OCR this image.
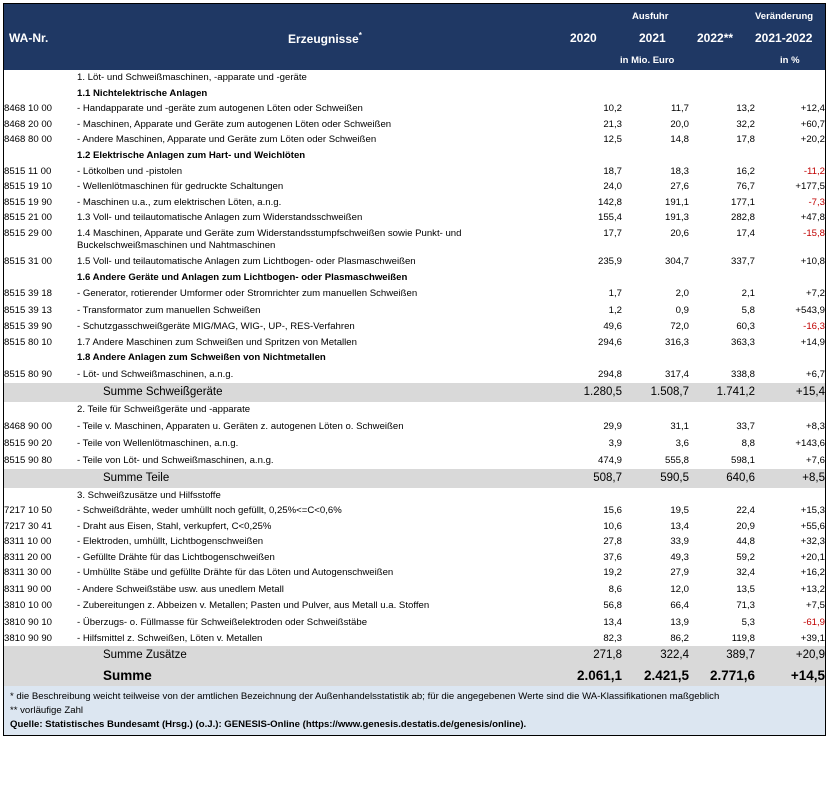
WA-Nr.	Erzeugnisse*
Ausfuhr
2020	2021	2022**
in Mio. Euro
Veränderung
2021-2022
in %
	1. Löt- und Schweißmaschinen, -apparate und -geräte				
	1.1 Nichtelektrische Anlagen				
8468 10 00	- Handapparate und -geräte zum autogenen Löten oder Schweißen	10,2	11,7	13,2	+12,4
8468 20 00	- Maschinen, Apparate und Geräte zum autogenen Löten oder Schweißen	21,3	20,0	32,2	+60,7
8468 80 00	- Andere Maschinen, Apparate und Geräte zum Löten oder Schweißen	12,5	14,8	17,8	+20,2
	1.2 Elektrische Anlagen zum Hart- und Weichlöten				
8515 11 00	- Lötkolben und -pistolen	18,7	18,3	16,2	-11,2
8515 19 10	- Wellenlötmaschinen für gedruckte Schaltungen	24,0	27,6	76,7	+177,5
8515 19 90	- Maschinen u.a., zum elektrischen Löten, a.n.g.	142,8	191,1	177,1	-7,3
8515 21 00	1.3 Voll- und teilautomatische Anlagen zum Widerstandsschweißen	155,4	191,3	282,8	+47,8
8515 29 00	1.4 Maschinen, Apparate und Geräte zum Widerstandsstumpfschweißen sowie Punkt- und Buckelschweißmaschinen und Nahtmaschinen	17,7	20,6	17,4	-15,8
8515 31 00	1.5 Voll- und teilautomatische Anlagen zum Lichtbogen- oder Plasmaschweißen	235,9	304,7	337,7	+10,8
	1.6 Andere Geräte und Anlagen zum Lichtbogen- oder Plasmaschweißen				
8515 39 18	- Generator, rotierender Umformer oder Stromrichter zum manuellen Schweißen	1,7	2,0	2,1	+7,2
8515 39 13	- Transformator zum manuellen Schweißen	1,2	0,9	5,8	+543,9
8515 39 90	- Schutzgasschweißgeräte MIG/MAG, WIG-, UP-, RES-Verfahren	49,6	72,0	60,3	-16,3
8515 80 10	1.7 Andere Maschinen zum Schweißen und Spritzen von Metallen	294,6	316,3	363,3	+14,9
	1.8 Andere Anlagen zum Schweißen von Nichtmetallen				
8515 80 90	- Löt- und Schweißmaschinen, a.n.g.	294,8	317,4	338,8	+6,7
	Summe Schweißgeräte	1.280,5	1.508,7	1.741,2	+15,4
	2. Teile für Schweißgeräte und -apparate				
8468 90 00	- Teile v. Maschinen, Apparaten u. Geräten z. autogenen Löten o. Schweißen	29,9	31,1	33,7	+8,3
8515 90 20	- Teile von Wellenlötmaschinen, a.n.g.	3,9	3,6	8,8	+143,6
8515 90 80	- Teile von Löt- und Schweißmaschinen, a.n.g.	474,9	555,8	598,1	+7,6
	Summe Teile	508,7	590,5	640,6	+8,5
	3. Schweißzusätze und Hilfsstoffe				
7217 10 50	- Schweißdrähte, weder umhüllt noch gefüllt, 0,25%<=C<0,6%	15,6	19,5	22,4	+15,3
7217 30 41	- Draht aus Eisen, Stahl, verkupfert, C<0,25%	10,6	13,4	20,9	+55,6
8311 10 00	- Elektroden, umhüllt, Lichtbogenschweißen	27,8	33,9	44,8	+32,3
8311 20 00	- Gefüllte Drähte für das Lichtbogenschweißen	37,6	49,3	59,2	+20,1
8311 30 00	- Umhüllte Stäbe und gefüllte Drähte für das Löten und Autogenschweißen	19,2	27,9	32,4	+16,2
8311 90 00	- Andere Schweißstäbe usw. aus unedlem Metall	8,6	12,0	13,5	+13,2
3810 10 00	- Zubereitungen z. Abbeizen v. Metallen; Pasten und Pulver, aus Metall u.a. Stoffen	56,8	66,4	71,3	+7,5
3810 90 10	- Überzugs- o. Füllmasse für Schweißelektroden oder Schweißstäbe	13,4	13,9	5,3	-61,9
3810 90 90	- Hilfsmittel z. Schweißen, Löten v. Metallen	82,3	86,2	119,8	+39,1
	Summe Zusätze	271,8	322,4	389,7	+20,9
	Summe	2.061,1	2.421,5	2.771,6	+14,5
* die Beschreibung weicht teilweise von der amtlichen Bezeichnung der Außenhandelsstatistik ab; für die angegebenen Werte sind die WA-Klassifikationen maßgeblich
** vorläufige Zahl
Quelle: Statistisches Bundesamt (Hrsg.) (o.J.): GENESIS-Online (https://www.genesis.destatis.de/genesis/online).
